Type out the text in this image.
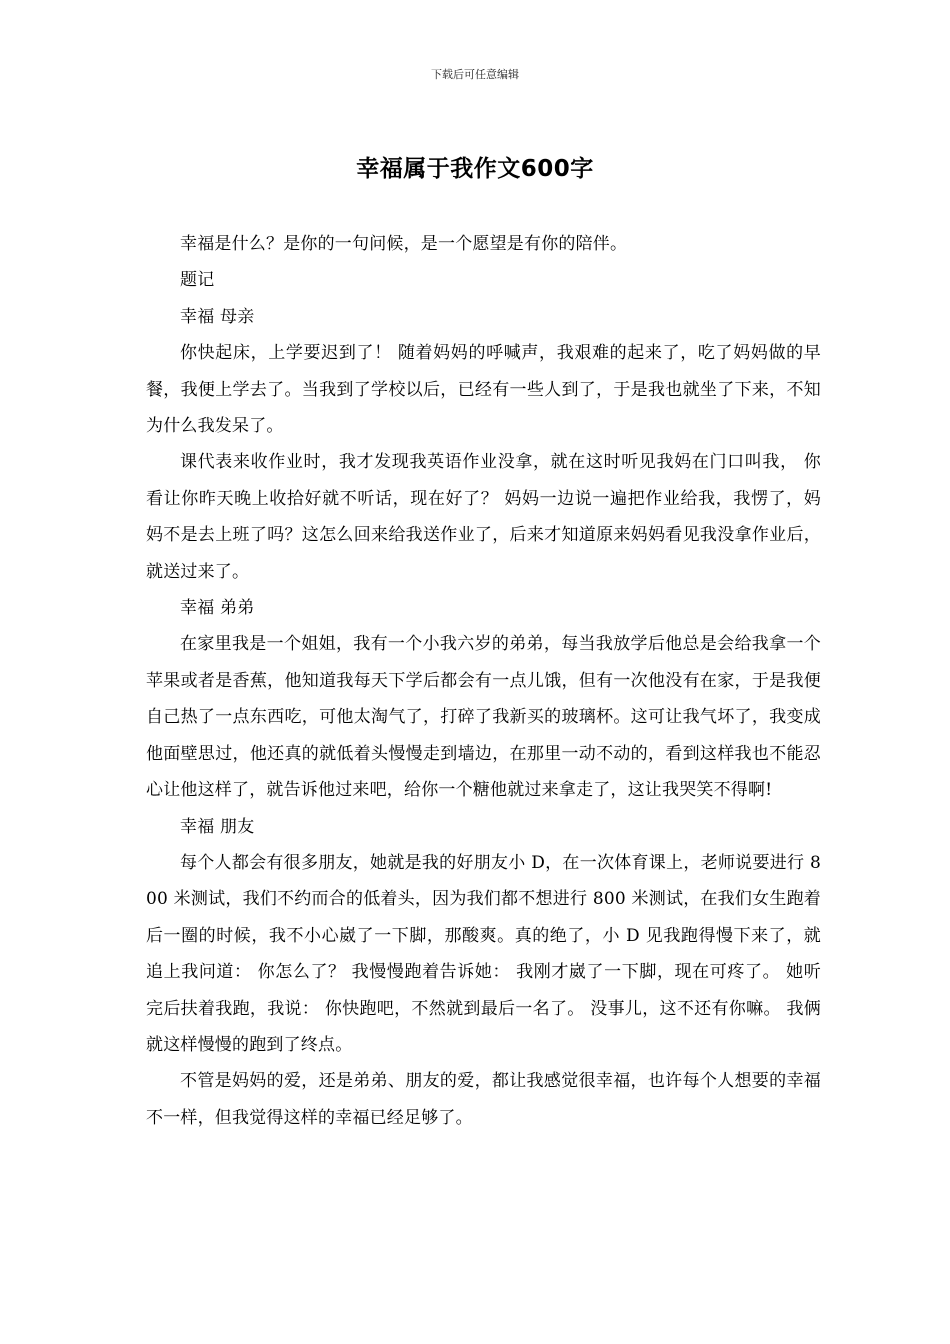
下载后可任意编辑
幸福属于我作文600字

幸福是什么？是你的一句问候，是一个愿望是有你的陪伴。

题记

幸福 母亲

你快起床，上学要迟到了！ 随着妈妈的呼喊声，我艰难的起来了，吃了妈妈做的早餐，我便上学去了。当我到了学校以后，已经有一些人到了，于是我也就坐了下来，不知为什么我发呆了。

课代表来收作业时，我才发现我英语作业没拿，就在这时听见我妈在门口叫我， 你看让你昨天晚上收拾好就不听话，现在好了？ 妈妈一边说一遍把作业给我，我愣了，妈妈不是去上班了吗？这怎么回来给我送作业了，后来才知道原来妈妈看见我没拿作业后，就送过来了。

幸福 弟弟

在家里我是一个姐姐，我有一个小我六岁的弟弟，每当我放学后他总是会给我拿一个苹果或者是香蕉，他知道我每天下学后都会有一点儿饿，但有一次他没有在家，于是我便自己热了一点东西吃，可他太淘气了，打碎了我新买的玻璃杯。这可让我气坏了，我变成他面壁思过，他还真的就低着头慢慢走到墙边，在那里一动不动的，看到这样我也不能忍心让他这样了，就告诉他过来吧，给你一个糖他就过来拿走了，这让我哭笑不得啊!

幸福 朋友

每个人都会有很多朋友，她就是我的好朋友小 D，在一次体育课上，老师说要进行 800 米测试，我们不约而合的低着头，因为我们都不想进行 800 米测试，在我们女生跑着后一圈的时候，我不小心崴了一下脚，那酸爽。真的绝了，小 D 见我跑得慢下来了，就追上我问道： 你怎么了？ 我慢慢跑着告诉她： 我刚才崴了一下脚，现在可疼了。 她听完后扶着我跑，我说： 你快跑吧，不然就到最后一名了。 没事儿，这不还有你嘛。 我俩就这样慢慢的跑到了终点。

不管是妈妈的爱，还是弟弟、朋友的爱，都让我感觉很幸福，也许每个人想要的幸福不一样，但我觉得这样的幸福已经足够了。
